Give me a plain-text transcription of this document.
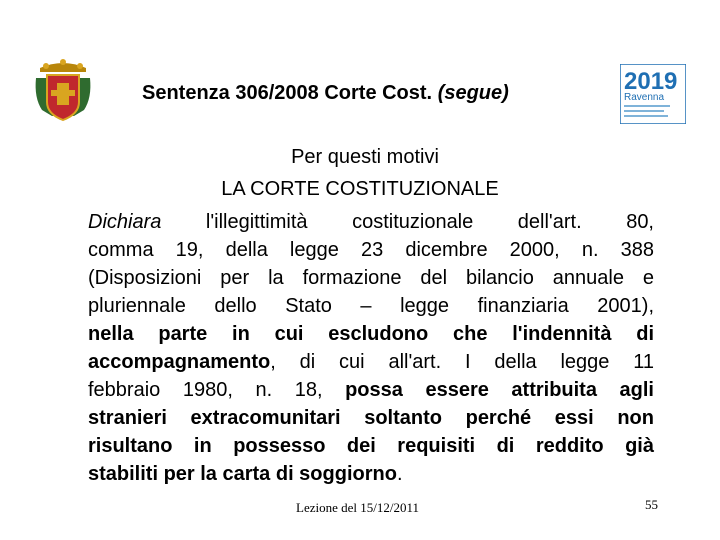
2019
Ravenna
Sentenza 306/2008 Corte Cost. (segue)
Per questi motivi
LA CORTE COSTITUZIONALE
Dichiara l'illegittimità costituzionale dell'art. 80,
comma 19, della legge 23 dicembre 2000, n. 388
(Disposizioni per la formazione del bilancio annuale e
pluriennale dello Stato – legge finanziaria 2001),
nella parte in cui escludono che l'indennità di
accompagnamento, di cui all'art. I della legge 11
febbraio 1980, n. 18, possa essere attribuita agli
stranieri extracomunitari soltanto perché essi non
risultano in possesso dei requisiti di reddito già
stabiliti per la carta di soggiorno.
Lezione del 15/12/2011	55
